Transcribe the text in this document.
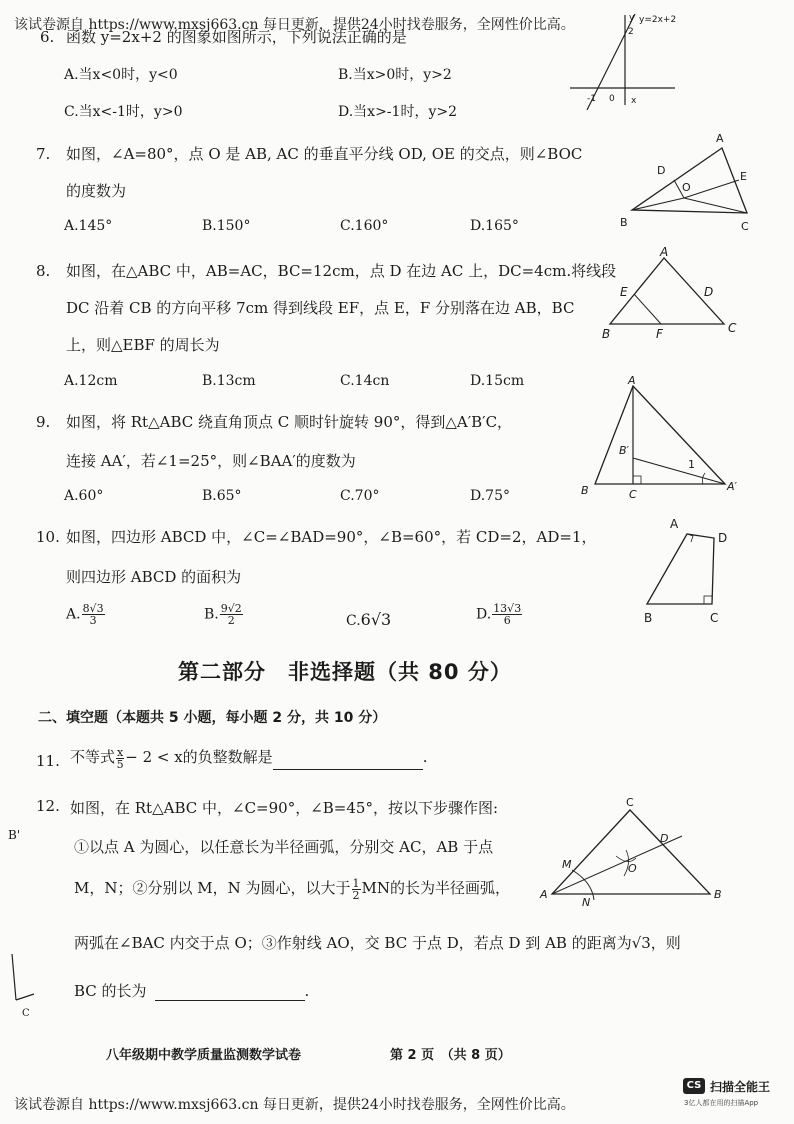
该试卷源自 https://www.mxsj663.cn 每日更新，提供24小时找卷服务，全网性价比高。
6. 函数 y=2x+2 的图象如图所示，下列说法正确的是
A.当x<0时，y<0	B.当x>0时，y>2
C.当x<-1时，y>0	D.当x>-1时，y>2
2
-1 0 x
y y=2x+2
7. 如图，∠A=80°，点 O 是 AB, AC 的垂直平分线 OD, OE 的交点，则∠BOC
的度数为
A.145°	B.150°	C.160°	D.165°
A
B	C
D	E
O
8. 如图，在△ABC 中，AB=AC，BC=12cm，点 D 在边 AC 上，DC=4cm.将线段
DC 沿着 CB 的方向平移 7cm 得到线段 EF，点 E，F 分别落在边 AB，BC
上，则△EBF 的周长为
A.12cm	B.13cm	C.14cn	D.15cm
A
B	C
D
E
F
9. 如图，将 Rt△ABC 绕直角顶点 C 顺时针旋转 90°，得到△A′B′C，
连接 AA′，若∠1=25°，则∠BAA′的度数为
A.60°	B.65°	C.70°	D.75°
A
B	C
B′
A′
1
10. 如图，四边形 ABCD 中，∠C=∠BAD=90°，∠B=60°，若 CD=2，AD=1，
则四边形 ABCD 的面积为
A. $\frac{8√3}{3}$	B. $\frac{9√2}{2}$	C.6√3	D. $\frac{13√3}{6}$
A
D
B	C
第二部分　非选择题（共 80 分）
二、填空题（本题共 5 小题，每小题 2 分，共 10 分）
11. 不等式 $\frac{x}{5} - 2 < x$的负整数解是	.
12. 如图，在 Rt△ABC 中，∠C=90°，∠B=45°，按以下步骤作图:
①以点 A 为圆心，以任意长为半径画弧，分别交 AC，AB 于点
M，N；②分别以 M，N 为圆心，以大于 $\frac{1}{2}$ MN的长为半径画弧，
两弧在∠BAC 内交于点 O；③作射线 AO，交 BC 于点 D，若点 D 到 AB 的距离为√3，则
BC 的长为	.
C
A	B
D
M
N
O
B'
C
八年级期中教学质量监测数学试卷	第 2 页　（共 8 页）
该试卷源自 https://www.mxsj663.cn 每日更新，提供24小时找卷服务，全网性价比高。
CS 扫描全能王
3亿人都在用的扫描App
